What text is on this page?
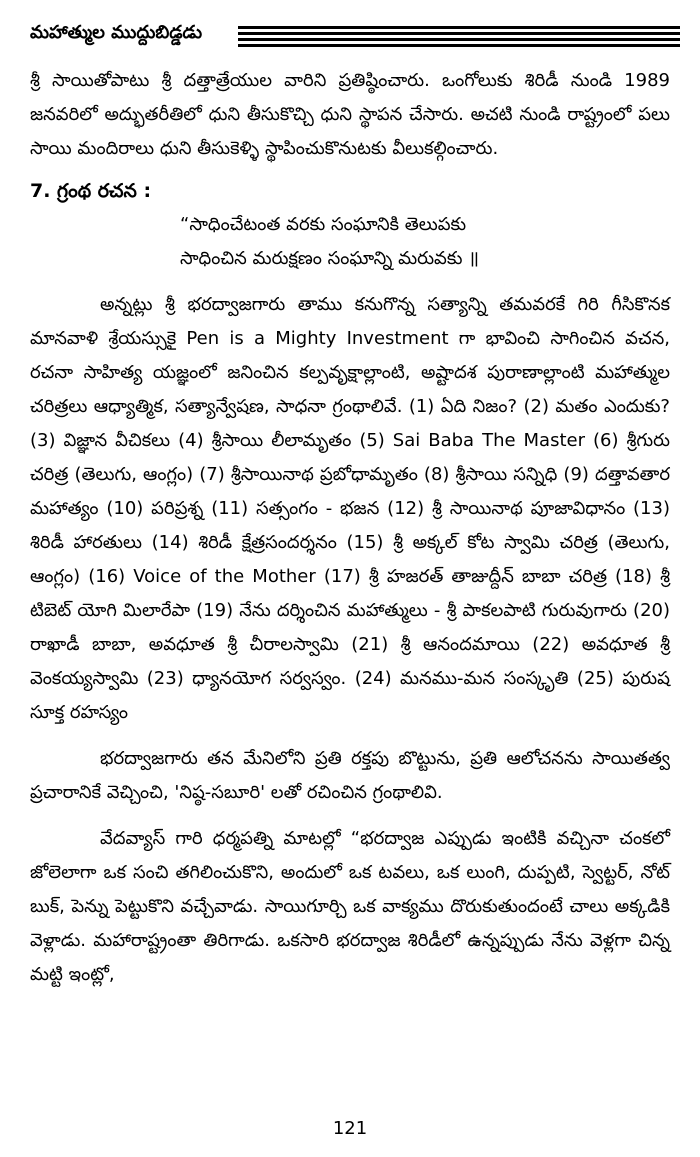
మహాత్ముల ముద్దుబిడ్డడు

శ్రీ సాయితోపాటు శ్రీ దత్తాత్రేయుల వారిని ప్రతిష్ఠించారు. ఒంగోలుకు శిరిడీ నుండి 1989 జనవరిలో అద్భుతరీతిలో ధుని తీసుకొచ్చి ధుని స్థాపన చేసారు. అచటి నుండి రాష్ట్రంలో పలు సాయి మందిరాలు ధుని తీసుకెళ్ళి స్థాపించుకొనుటకు వీలుకల్గించారు.

7. గ్రంథ రచన :
“సాధించేటంత వరకు సంఘానికి తెలుపకు
సాధించిన మరుక్షణం సంఘాన్ని మరువకు ॥

అన్నట్లు శ్రీ భరద్వాజగారు తాము కనుగొన్న సత్యాన్ని తమవరకే గిరి గీసికొనక మానవాళి శ్రేయస్సుకై Pen is a Mighty Investment గా భావించి సాగించిన వచన, రచనా సాహిత్య యజ్ఞంలో జనించిన కల్పవృక్షాల్లాంటి, అష్టాదశ పురాణాల్లాంటి మహాత్ముల చరిత్రలు ఆధ్యాత్మిక, సత్యాన్వేషణ, సాధనా గ్రంథాలివే. (1) ఏది నిజం? (2) మతం ఎందుకు? (3) విజ్ఞాన వీచికలు (4) శ్రీసాయి లీలామృతం (5) Sai Baba The Master (6) శ్రీగురు చరిత్ర (తెలుగు, ఆంగ్లం) (7) శ్రీసాయినాథ ప్రబోధామృతం (8) శ్రీసాయి సన్నిధి (9) దత్తావతార మహాత్యం (10) పరిప్రశ్న (11) సత్సంగం - భజన (12) శ్రీ సాయినాథ పూజావిధానం (13) శిరిడీ హారతులు (14) శిరిడీ క్షేత్రసందర్శనం (15) శ్రీ అక్కల్ కోట స్వామి చరిత్ర (తెలుగు, ఆంగ్లం) (16) Voice of the Mother (17) శ్రీ హజరత్ తాజుద్దీన్ బాబా చరిత్ర (18) శ్రీ టిబెట్ యోగి మిలారేపా (19) నేను దర్శించిన మహాత్ములు - శ్రీ పాకలపాటి గురువుగారు (20) రాఖాడీ బాబా, అవధూత శ్రీ చీరాలస్వామి (21) శ్రీ ఆనందమాయి (22) అవధూత శ్రీ వెంకయ్యస్వామి (23) ధ్యానయోగ సర్వస్వం. (24) మనము-మన సంస్కృతి (25) పురుష సూక్త రహస్యం

భరద్వాజగారు తన మేనిలోని ప్రతి రక్తపు బొట్టును, ప్రతి ఆలోచనను సాయితత్వ ప్రచారానికే వెచ్చించి, 'నిష్ఠ-సబూరి' లతో రచించిన గ్రంథాలివి.

వేదవ్యాస్ గారి ధర్మపత్ని మాటల్లో “భరద్వాజ ఎప్పుడు ఇంటికి వచ్చినా చంకలో జోలెలాగా ఒక సంచి తగిలించుకొని, అందులో ఒక టవలు, ఒక లుంగి, దుప్పటి, స్వెట్టర్, నోట్ బుక్, పెన్ను పెట్టుకొని వచ్చేవాడు. సాయిగూర్చి ఒక వాక్యము దొరుకుతుందంటే చాలు అక్కడికి వెళ్లాడు. మహారాష్ట్రంతా తిరిగాడు. ఒకసారి భరద్వాజ శిరిడీలో ఉన్నప్పుడు నేను వెళ్లగా చిన్న మట్టి ఇంట్లో,

121
